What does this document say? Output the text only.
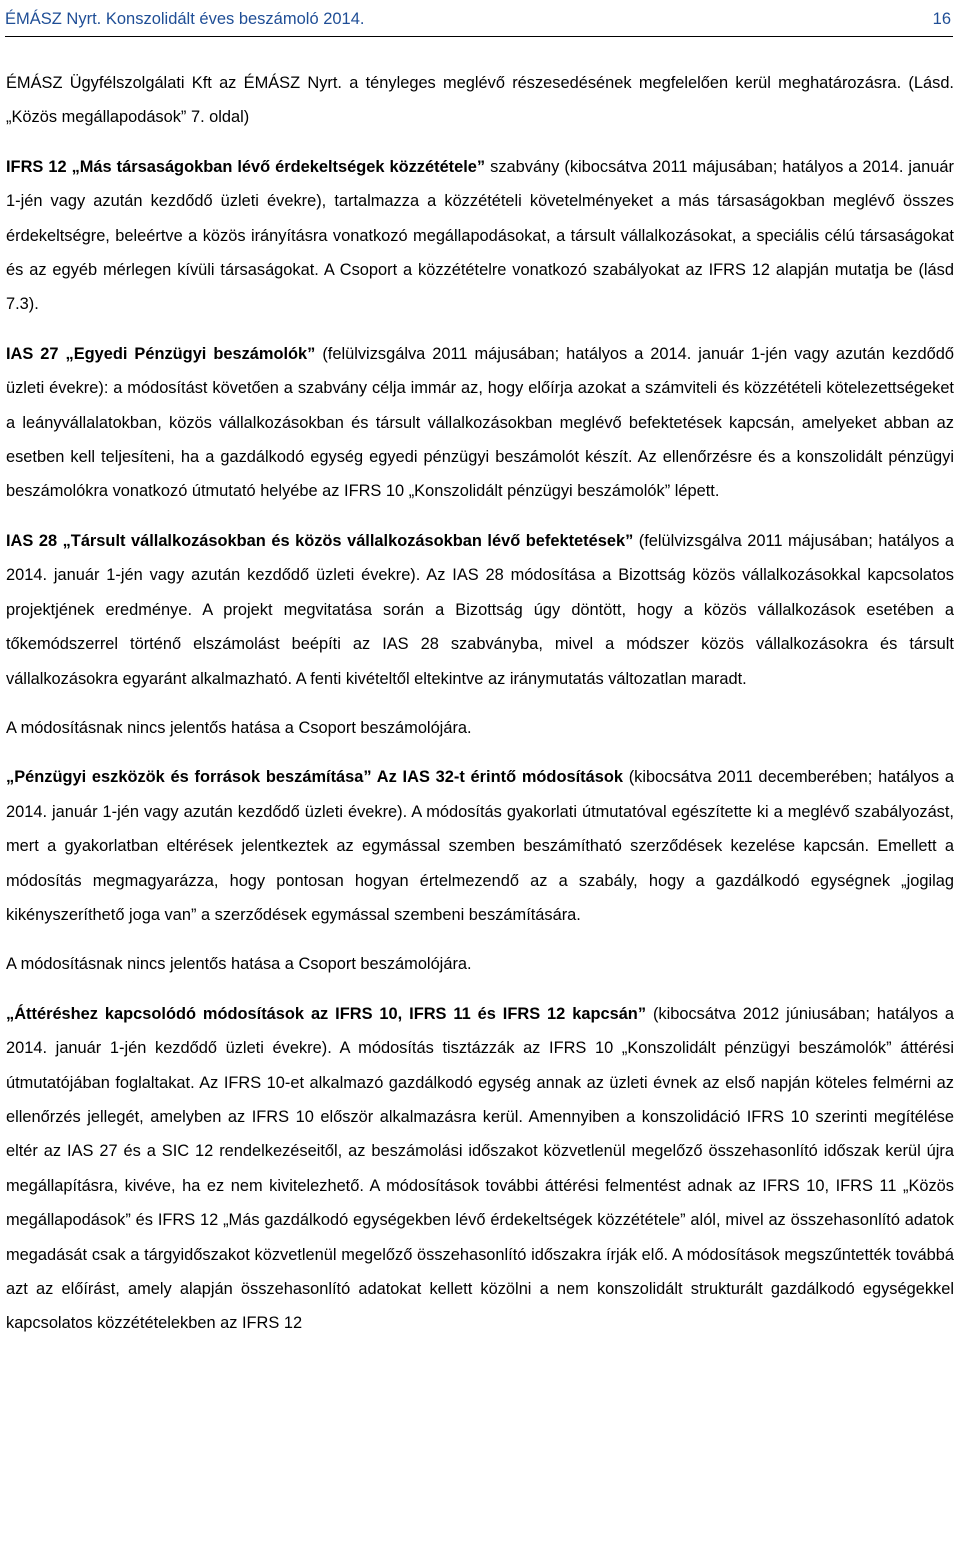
ÉMÁSZ Nyrt. Konszolidált éves beszámoló 2014.	16

ÉMÁSZ Ügyfélszolgálati Kft az ÉMÁSZ Nyrt. a tényleges meglévő részesedésének megfelelően kerül meghatározásra. (Lásd. „Közös megállapodások” 7. oldal)

IFRS 12 „Más társaságokban lévő érdekeltségek közzététele” szabvány (kibocsátva 2011 májusában; hatályos a 2014. január 1-jén vagy azután kezdődő üzleti évekre), tartalmazza a közzétételi követelményeket a más társaságokban meglévő összes érdekeltségre, beleértve a közös irányításra vonatkozó megállapodásokat, a társult vállalkozásokat, a speciális célú társaságokat és az egyéb mérlegen kívüli társaságokat. A Csoport a közzétételre vonatkozó szabályokat az IFRS 12 alapján mutatja be (lásd 7.3).

IAS 27 „Egyedi Pénzügyi beszámolók” (felülvizsgálva 2011 májusában; hatályos a 2014. január 1-jén vagy azután kezdődő üzleti évekre): a módosítást követően a szabvány célja immár az, hogy előírja azokat a számviteli és közzétételi kötelezettségeket a leányvállalatokban, közös vállalkozásokban és társult vállalkozásokban meglévő befektetések kapcsán, amelyeket abban az esetben kell teljesíteni, ha a gazdálkodó egység egyedi pénzügyi beszámolót készít. Az ellenőrzésre és a konszolidált pénzügyi beszámolókra vonatkozó útmutató helyébe az IFRS 10 „Konszolidált pénzügyi beszámolók” lépett.

IAS 28 „Társult vállalkozásokban és közös vállalkozásokban lévő befektetések” (felülvizsgálva 2011 májusában; hatályos a 2014. január 1-jén vagy azután kezdődő üzleti évekre). Az IAS 28 módosítása a Bizottság közös vállalkozásokkal kapcsolatos projektjének eredménye. A projekt megvitatása során a Bizottság úgy döntött, hogy a közös vállalkozások esetében a tőkemódszerrel történő elszámolást beépíti az IAS 28 szabványba, mivel a módszer közös vállalkozásokra és társult vállalkozásokra egyaránt alkalmazható. A fenti kivételtől eltekintve az iránymutatás változatlan maradt.

A módosításnak nincs jelentős hatása a Csoport beszámolójára.

„Pénzügyi eszközök és források beszámítása” Az IAS 32-t érintő módosítások (kibocsátva 2011 decemberében; hatályos a 2014. január 1-jén vagy azután kezdődő üzleti évekre). A módosítás gyakorlati útmutatóval egészítette ki a meglévő szabályozást, mert a gyakorlatban eltérések jelentkeztek az egymással szemben beszámítható szerződések kezelése kapcsán. Emellett a módosítás megmagyarázza, hogy pontosan hogyan értelmezendő az a szabály, hogy a gazdálkodó egységnek „jogilag kikényszeríthető joga van” a szerződések egymással szembeni beszámítására.

A módosításnak nincs jelentős hatása a Csoport beszámolójára.

„Áttéréshez kapcsolódó módosítások az IFRS 10, IFRS 11 és IFRS 12 kapcsán” (kibocsátva 2012 júniusában; hatályos a 2014. január 1-jén kezdődő üzleti évekre). A módosítás tisztázzák az IFRS 10 „Konszolidált pénzügyi beszámolók” áttérési útmutatójában foglaltakat. Az IFRS 10-et alkalmazó gazdálkodó egység annak az üzleti évnek az első napján köteles felmérni az ellenőrzés jellegét, amelyben az IFRS 10 először alkalmazásra kerül. Amennyiben a konszolidáció IFRS 10 szerinti megítélése eltér az IAS 27 és a SIC 12 rendelkezéseitől, az beszámolási időszakot közvetlenül megelőző összehasonlító időszak kerül újra megállapításra, kivéve, ha ez nem kivitelezhető. A módosítások további áttérési felmentést adnak az IFRS 10, IFRS 11 „Közös megállapodások” és IFRS 12 „Más gazdálkodó egységekben lévő érdekeltségek közzététele” alól, mivel az összehasonlító adatok megadását csak a tárgyidőszakot közvetlenül megelőző összehasonlító időszakra írják elő. A módosítások megszűntették továbbá azt az előírást, amely alapján összehasonlító adatokat kellett közölni a nem konszolidált strukturált gazdálkodó egységekkel kapcsolatos közzétételekben az IFRS 12
